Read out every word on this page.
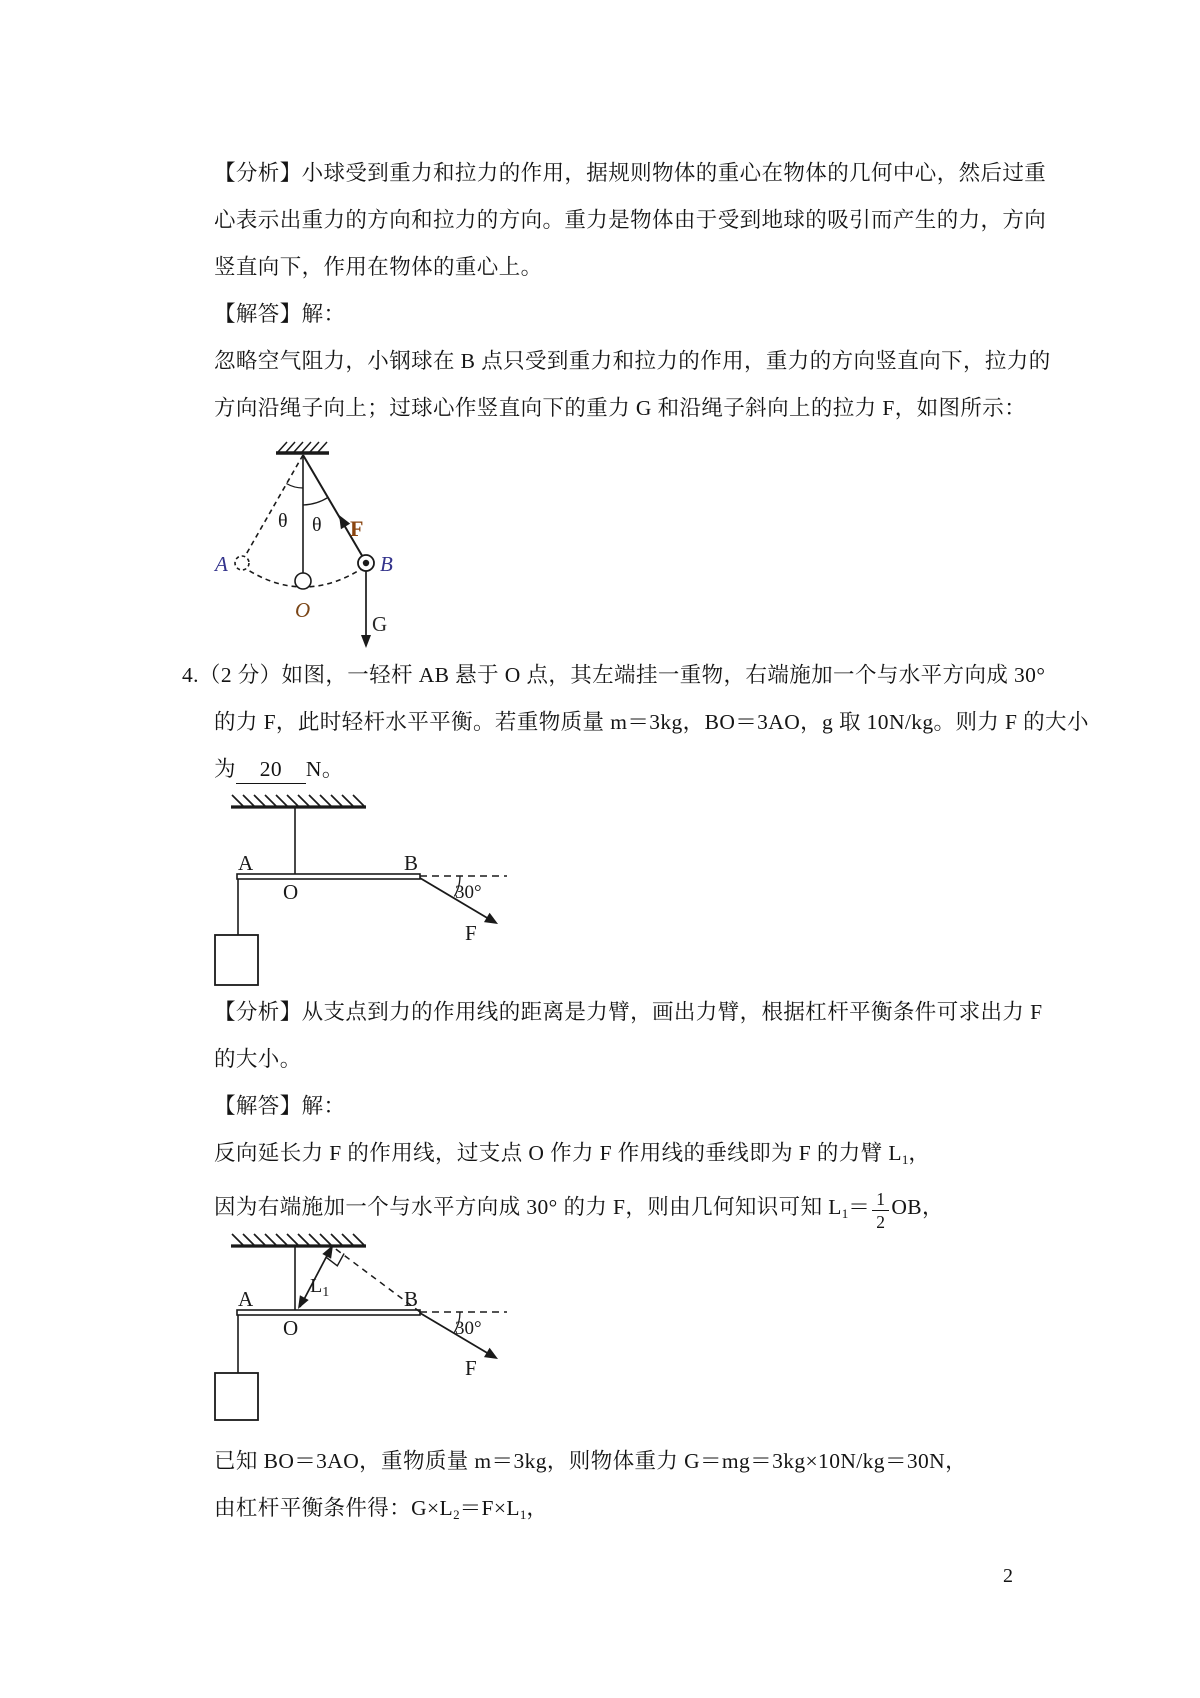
【分析】小球受到重力和拉力的作用，据规则物体的重心在物体的几何中心，然后过重
心表示出重力的方向和拉力的方向。重力是物体由于受到地球的吸引而产生的力，方向
竖直向下，作用在物体的重心上。
【解答】解：
忽略空气阻力，小钢球在 B 点只受到重力和拉力的作用，重力的方向竖直向下，拉力的
方向沿绳子向上；过球心作竖直向下的重力 G 和沿绳子斜向上的拉力 F，如图所示：
θ θ
A	B
O
F
G
4.（2 分）如图，一轻杆 AB 悬于 O 点，其左端挂一重物，右端施加一个与水平方向成 30°
的力 F，此时轻杆水平平衡。若重物质量 m＝3kg，BO＝3AO，g 取 10N/kg。则力 F 的大小
为 20 N。
A	B
O	30°
F
【分析】从支点到力的作用线的距离是力臂，画出力臂，根据杠杆平衡条件可求出力 F
的大小。
【解答】解：
反向延长力 F 的作用线，过支点 O 作力 F 作用线的垂线即为 F 的力臂 $L_1$，
因为右端施加一个与水平方向成 30° 的力 F，则由几何知识可知 $L_1= \frac{1}{2}$ OB，
A	B
O
$L_1$
30°
F
已知 BO＝3AO，重物质量 m＝3kg，则物体重力 G＝mg＝3kg×10N/kg＝30N，
由杠杆平衡条件得：$G\times L_2=F\times L_1$，
2
